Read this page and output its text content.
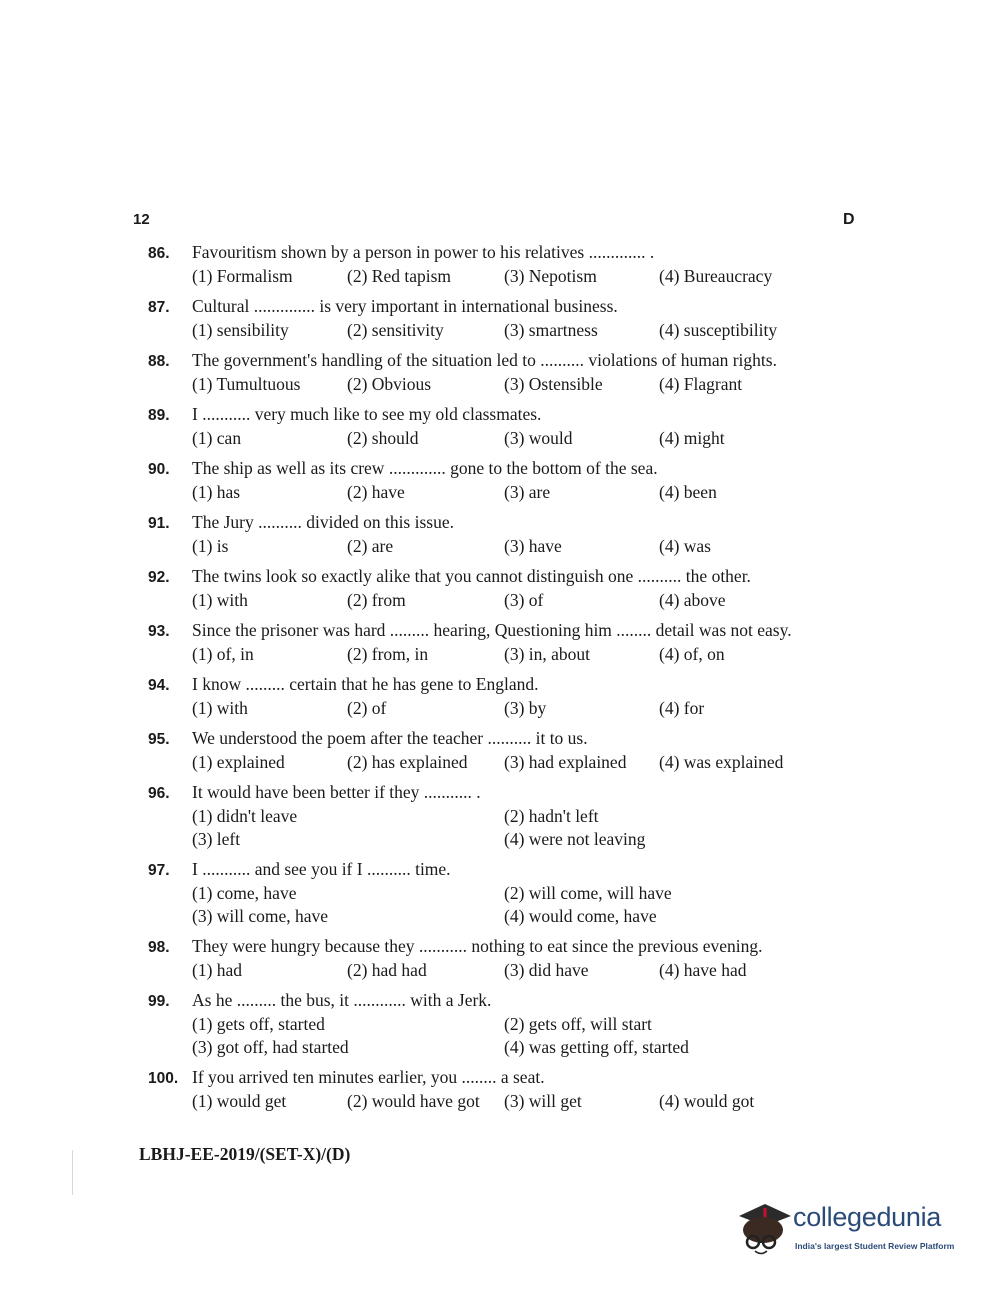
12	D
86.	Favouritism shown by a person in power to his relatives ............. .
(1) Formalism	(2) Red tapism	(3) Nepotism	(4) Bureaucracy
87.	Cultural .............. is very important in international business.
(1) sensibility	(2) sensitivity	(3) smartness	(4) susceptibility
88.	The government's handling of the situation led to .......... violations of human rights.
(1) Tumultuous	(2) Obvious	(3) Ostensible	(4) Flagrant
89.	I ........... very much like to see my old classmates.
(1) can	(2) should	(3) would	(4) might
90.	The ship as well as its crew ............. gone to the bottom of the sea.
(1) has	(2) have	(3) are	(4) been
91.	The Jury .......... divided on this issue.
(1) is	(2) are	(3) have	(4) was
92.	The twins look so exactly alike that you cannot distinguish one .......... the other.
(1) with	(2) from	(3) of	(4) above
93.	Since the prisoner was hard ......... hearing, Questioning him ........ detail was not easy.
(1) of, in	(2) from, in	(3) in, about	(4) of, on
94.	I know ......... certain that he has gene to England.
(1) with	(2) of	(3) by	(4) for
95.	We understood the poem after the teacher .......... it to us.
(1) explained	(2) has explained	(3) had explained	(4) was explained
96.	It would have been better if they ........... .
(1) didn't leave	(2) hadn't left
(3) left	(4) were not leaving
97.	I ........... and see you if I .......... time.
(1) come, have	(2) will come, will have
(3) will come, have	(4) would come, have
98.	They were hungry because they ........... nothing to eat since the previous evening.
(1) had	(2) had had	(3) did have	(4) have had
99.	As he ......... the bus, it ............ with a Jerk.
(1) gets off, started	(2) gets off, will start
(3) got off, had started	(4) was getting off, started
100. If you arrived ten minutes earlier, you ........ a seat.
(1) would get	(2) would have got	(3) will get	(4) would got
LBHJ-EE-2019/(SET-X)/(D)
collegedunia
India's largest Student Review Platform
